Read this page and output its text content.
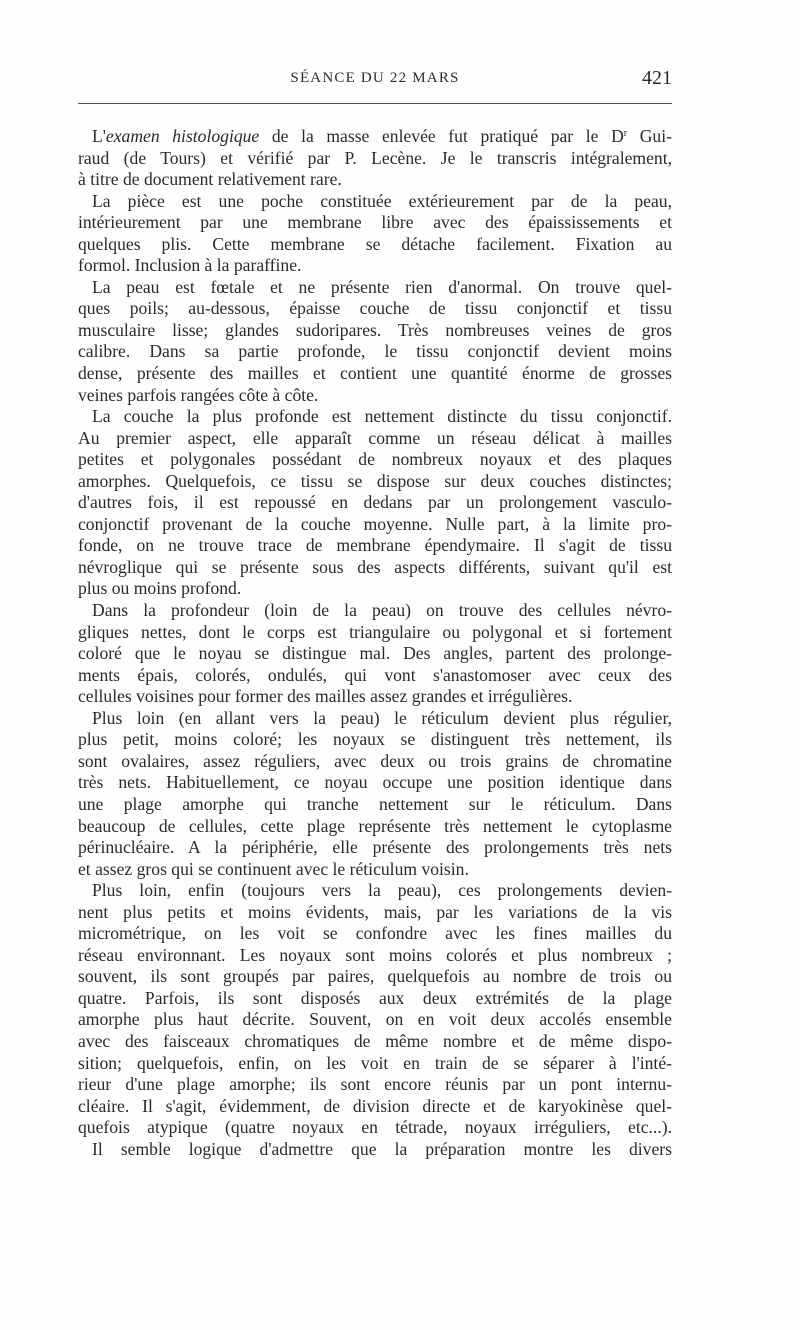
SÉANCE DU 22 MARS	421
L'examen histologique de la masse enlevée fut pratiqué par le $D^r$ Gui-
raud (de Tours) et vérifié par P. Lecène. Je le transcris intégralement,
à titre de document relativement rare.
La pièce est une poche constituée extérieurement par de la peau,
intérieurement par une membrane libre avec des épaississements et
quelques plis. Cette membrane se détache facilement. Fixation au
formol. Inclusion à la paraffine.
La peau est fœtale et ne présente rien d'anormal. On trouve quel-
ques poils; au-dessous, épaisse couche de tissu conjonctif et tissu
musculaire lisse; glandes sudoripares. Très nombreuses veines de gros
calibre. Dans sa partie profonde, le tissu conjonctif devient moins
dense, présente des mailles et contient une quantité énorme de grosses
veines parfois rangées côte à côte.
La couche la plus profonde est nettement distincte du tissu conjonctif.
Au premier aspect, elle apparaît comme un réseau délicat à mailles
petites et polygonales possédant de nombreux noyaux et des plaques
amorphes. Quelquefois, ce tissu se dispose sur deux couches distinctes;
d'autres fois, il est repoussé en dedans par un prolongement vasculo-
conjonctif provenant de la couche moyenne. Nulle part, à la limite pro-
fonde, on ne trouve trace de membrane épendymaire. Il s'agit de tissu
névroglique qui se présente sous des aspects différents, suivant qu'il est
plus ou moins profond.
Dans la profondeur (loin de la peau) on trouve des cellules névro-
gliques nettes, dont le corps est triangulaire ou polygonal et si fortement
coloré que le noyau se distingue mal. Des angles, partent des prolonge-
ments épais, colorés, ondulés, qui vont s'anastomoser avec ceux des
cellules voisines pour former des mailles assez grandes et irrégulières.
Plus loin (en allant vers la peau) le réticulum devient plus régulier,
plus petit, moins coloré; les noyaux se distinguent très nettement, ils
sont ovalaires, assez réguliers, avec deux ou trois grains de chromatine
très nets. Habituellement, ce noyau occupe une position identique dans
une plage amorphe qui tranche nettement sur le réticulum. Dans
beaucoup de cellules, cette plage représente très nettement le cytoplasme
périnucléaire. A la périphérie, elle présente des prolongements très nets
et assez gros qui se continuent avec le réticulum voisin.
Plus loin, enfin (toujours vers la peau), ces prolongements devien-
nent plus petits et moins évidents, mais, par les variations de la vis
micrométrique, on les voit se confondre avec les fines mailles du
réseau environnant. Les noyaux sont moins colorés et plus nombreux ;
souvent, ils sont groupés par paires, quelquefois au nombre de trois ou
quatre. Parfois, ils sont disposés aux deux extrémités de la plage
amorphe plus haut décrite. Souvent, on en voit deux accolés ensemble
avec des faisceaux chromatiques de même nombre et de même dispo-
sition; quelquefois, enfin, on les voit en train de se séparer à l'inté-
rieur d'une plage amorphe; ils sont encore réunis par un pont internu-
cléaire. Il s'agit, évidemment, de division directe et de karyokinèse quel-
quefois atypique (quatre noyaux en tétrade, noyaux irréguliers, etc...).
Il semble logique d'admettre que la préparation montre les divers
